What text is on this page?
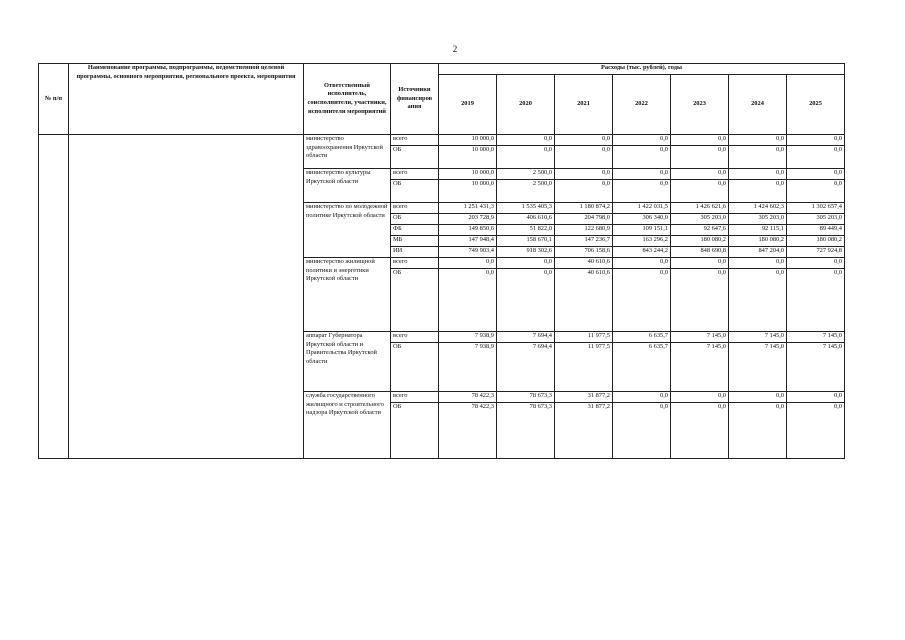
2
№ п/п	Наименование программы, подпрограммы, ведомственной целевой программы, основного мероприятия, регионального проекта, мероприятия	Ответственный исполнитель, соисполнители, участники, исполнители мероприятий	Источники финансиров ания	Расходы (тыс. рублей), годы						
				2019	2020	2021	2022	2023	2024	2025
		министерство здравоохранения Иркутской области	всего	10 000,0	0,0	0,0	0,0	0,0	0,0	0,0
			ОБ	10 000,0	0,0	0,0	0,0	0,0	0,0	0,0
		министерство культуры Иркутской области	всего	10 000,0	2 500,0	0,0	0,0	0,0	0,0	0,0
			ОБ	10 000,0	2 500,0	0,0	0,0	0,0	0,0	0,0
		министерство по молодежной политике Иркутской области	всего	1 251 431,3	1 535 405,3	1 180 874,2	1 422 031,5	1 426 621,6	1 424 602,3	1 302 657,4
			ОБ	203 728,9	406 610,6	204 798,0	306 340,0	305 203,0	305 203,0	305 203,0
			ФБ	149 850,6	51 822,0	122 680,9	109 151,1	92 647,6	92 115,1	89 449,4
			МБ	147 948,4	158 670,1	147 236,7	163 296,2	180 080,2	180 080,2	180 080,2
			ИИ	749 903,4	918 302,6	706 158,6	843 244,2	848 690,8	847 204,0	727 924,8
		министерство жилищной политики и энергетики Иркутской области	всего	0,0	0,0	40 610,6	0,0	0,0	0,0	0,0
			ОБ	0,0	0,0	40 610,6	0,0	0,0	0,0	0,0
		аппарат Губернатора Иркутской области и Правительства Иркутской области	всего	7 938,9	7 694,4	11 977,5	6 635,7	7 145,0	7 145,0	7 145,0
			ОБ	7 938,9	7 694,4	11 977,5	6 635,7	7 145,0	7 145,0	7 145,0
		служба государственного жилищного и строительного надзора Иркутской области	всего	78 422,3	78 673,3	31 877,2	0,0	0,0	0,0	0,0
			ОБ	78 422,3	78 673,3	31 877,2	0,0	0,0	0,0	0,0
